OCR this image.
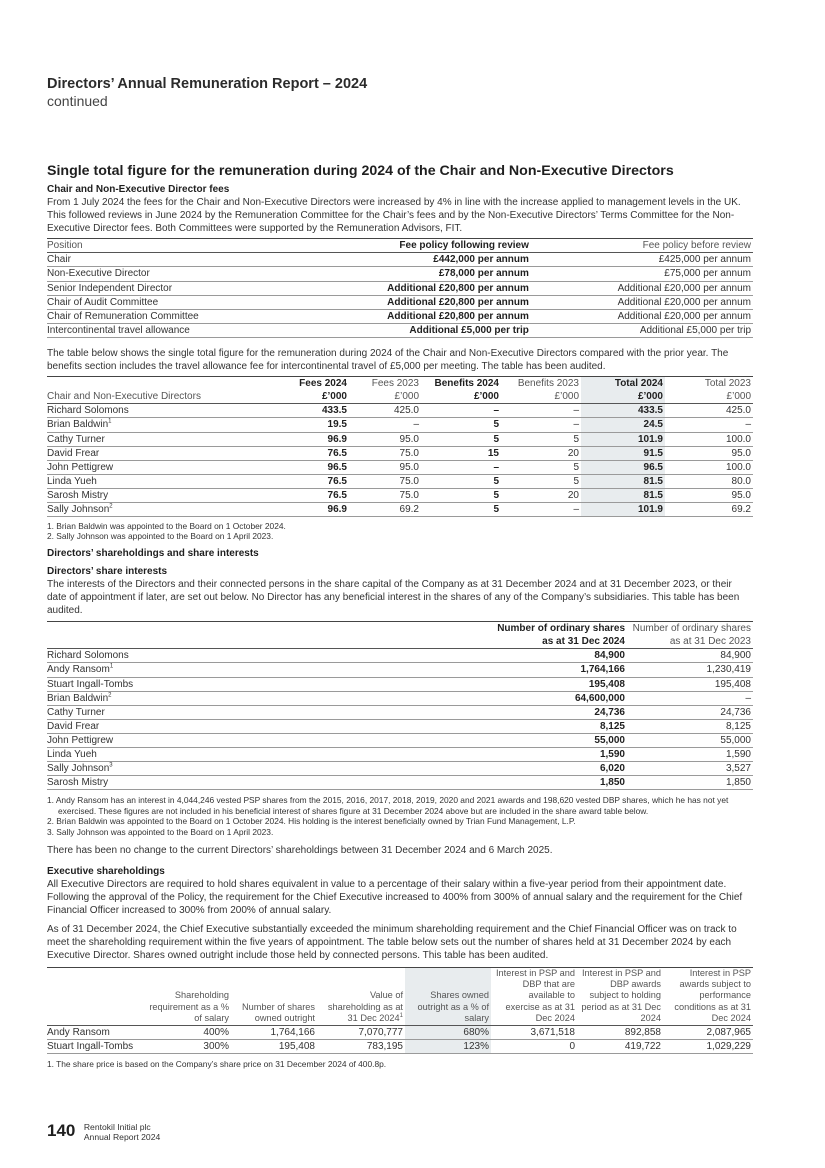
Directors’ Annual Remuneration Report – 2024
continued
Single total figure for the remuneration during 2024 of the Chair and Non-Executive Directors
Chair and Non-Executive Director fees

From 1 July 2024 the fees for the Chair and Non-Executive Directors were increased by 4% in line with the increase applied to management levels in the UK. This followed reviews in June 2024 by the Remuneration Committee for the Chair’s fees and by the Non-Executive Directors’ Terms Committee for the Non-Executive Director fees. Both Committees were supported by the Remuneration Advisors, FIT.

Position	Fee policy following review	Fee policy before review
Chair	£442,000 per annum	£425,000 per annum
Non-Executive Director	£78,000 per annum	£75,000 per annum
Senior Independent Director	Additional £20,800 per annum	Additional £20,000 per annum
Chair of Audit Committee	Additional £20,800 per annum	Additional £20,000 per annum
Chair of Remuneration Committee	Additional £20,800 per annum	Additional £20,000 per annum
Intercontinental travel allowance	Additional £5,000 per trip	Additional £5,000 per trip

The table below shows the single total figure for the remuneration during 2024 of the Chair and Non-Executive Directors compared with the prior year. The benefits section includes the travel allowance fee for intercontinental travel of £5,000 per meeting. The table has been audited.

	Fees 2024	Fees 2023	Benefits 2024	Benefits 2023	Total 2024	Total 2023
Chair and Non-Executive Directors	£’000	£’000	£’000	£’000	£’000	£’000
Richard Solomons	433.5	425.0	–	–	433.5	425.0
Brian Baldwin$^1$	19.5	–	5	–	24.5	–
Cathy Turner	96.9	95.0	5	5	101.9	100.0
David Frear	76.5	75.0	15	20	91.5	95.0
John Pettigrew	96.5	95.0	–	5	96.5	100.0
Linda Yueh	76.5	75.0	5	5	81.5	80.0
Sarosh Mistry	76.5	75.0	5	20	81.5	95.0
Sally Johnson$^2$	96.9	69.2	5	–	101.9	69.2
1. Brian Baldwin was appointed to the Board on 1 October 2024.
2. Sally Johnson was appointed to the Board on 1 April 2023.
Directors’ shareholdings and share interests
Directors’ share interests

The interests of the Directors and their connected persons in the share capital of the Company as at 31 December 2024 and at 31 December 2023, or their date of appointment if later, are set out below. No Director has any beneficial interest in the shares of any of the Company’s subsidiaries. This table has been audited.

	Number of ordinary shares	Number of ordinary shares
	as at 31 Dec 2024	as at 31 Dec 2023
Richard Solomons	84,900	84,900
Andy Ransom$^1$	1,764,166	1,230,419
Stuart Ingall-Tombs	195,408	195,408
Brian Baldwin$^2$	64,600,000	–
Cathy Turner	24,736	24,736
David Frear	8,125	8,125
John Pettigrew	55,000	55,000
Linda Yueh	1,590	1,590
Sally Johnson$^3$	6,020	3,527
Sarosh Mistry	1,850	1,850
1. Andy Ransom has an interest in 4,044,246 vested PSP shares from the 2015, 2016, 2017, 2018, 2019, 2020 and 2021 awards and 198,620 vested DBP shares, which he has not yet exercised. These figures are not included in his beneficial interest of shares figure at 31 December 2024 above but are included in the share award table below.
2. Brian Baldwin was appointed to the Board on 1 October 2024. His holding is the interest beneficially owned by Trian Fund Management, L.P.
3. Sally Johnson was appointed to the Board on 1 April 2023.

There has been no change to the current Directors’ shareholdings between 31 December 2024 and 6 March 2025.

Executive shareholdings

All Executive Directors are required to hold shares equivalent in value to a percentage of their salary within a five-year period from their appointment date. Following the approval of the Policy, the requirement for the Chief Executive increased to 400% from 300% of annual salary and the requirement for the Chief Financial Officer increased to 300% from 200% of annual salary.

As of 31 December 2024, the Chief Executive substantially exceeded the minimum shareholding requirement and the Chief Financial Officer was on track to meet the shareholding requirement within the five years of appointment. The table below sets out the number of shares held at 31 December 2024 by each Executive Director. Shares owned outright include those held by connected persons. This table has been audited.

	Shareholding requirement as a % of salary	Number of shares owned outright	Value of shareholding as at 31 Dec 2024$^1$	Shares owned outright as a % of salary	Interest in PSP and DBP that are available to exercise as at 31 Dec 2024	Interest in PSP and DBP awards subject to holding period as at 31 Dec 2024	Interest in PSP awards subject to performance conditions as at 31 Dec 2024
Andy Ransom	400%	1,764,166	7,070,777	680%	3,671,518	892,858	2,087,965
Stuart Ingall-Tombs	300%	195,408	783,195	123%	0	419,722	1,029,229
1. The share price is based on the Company’s share price on 31 December 2024 of 400.8p.
140 Rentokil Initial plc
Annual Report 2024
